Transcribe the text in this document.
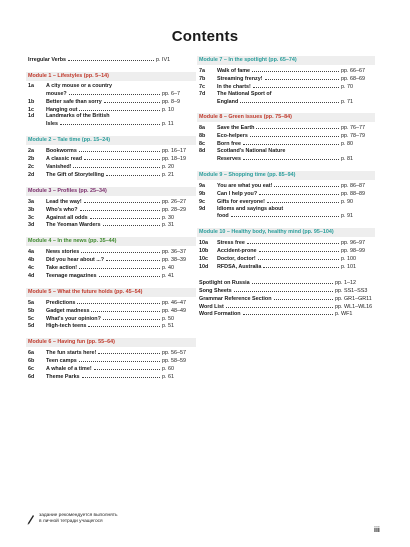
Contents
Irregular Verbs	p. IV1
Module 1 – Lifestyles (pp. 5–14)
1a	A city mouse or a country
mouse?	pp. 6–7
1b	Better safe than sorry	pp. 8–9
1c	Hanging out	p. 10
1d	Landmarks of the British
Isles	p. 11
Module 2 – Tale time (pp. 15–24)
2a	Bookworms	pp. 16–17
2b	A classic read	pp. 18–19
2c	Vanished!	p. 20
2d	The Gift of Storytelling	p. 21
Module 3 – Profiles (pp. 25–34)
3a	Lead the way!	pp. 26–27
3b	Who's who?	pp. 28–29
3c	Against all odds	p. 30
3d	The Yeoman Warders	p. 31
Module 4 – In the news (pp. 35–44)
4a	News stories	pp. 36–37
4b	Did you hear about ...?	pp. 38–39
4c	Take action!	p. 40
4d	Teenage magazines	p. 41
Module 5 – What the future holds (pp. 45–54)
5a	Predictions	pp. 46–47
5b	Gadget madness	pp. 48–49
5c	What's your opinion?	p. 50
5d	High-tech teens	p. 51
Module 6 – Having fun (pp. 55–64)
6a	The fun starts here!	pp. 56–57
6b	Teen camps	pp. 58–59
6c	A whale of a time!	p. 60
6d	Theme Parks	p. 61
Module 7 – In the spotlight (pp. 65–74)
7a	Walk of fame	pp. 66–67
7b	Streaming frenzy!	pp. 68–69
7c	In the charts!	p. 70
7d	The National Sport of
England	p. 71
Module 8 – Green issues (pp. 75–84)
8a	Save the Earth	pp. 76–77
8b	Eco-helpers	pp. 78–79
8c	Born free	p. 80
8d	Scotland's National Nature
Reserves	p. 81
Module 9 – Shopping time (pp. 85–94)
9a	You are what you eat!	pp. 86–87
9b	Can I help you?	pp. 88–89
9c	Gifts for everyone!	p. 90
9d	Idioms and sayings about
food	p. 91
Module 10 – Healthy body, healthy mind (pp. 95–104)
10a	Stress free	pp. 96–97
10b	Accident-prone	pp. 98–99
10c	Doctor, doctor!	p. 100
10d	RFDSA, Australia	p. 101
Spotlight on Russia	pp. 1–12
Song Sheets	pp. SS1–SS3
Grammar Reference Section	pp. GR1–GR11
Word List	pp. WL1–WL16
Word Formation	p. WF1
задание рекомендуется выполнять
в личной тетради учащегося
iii
